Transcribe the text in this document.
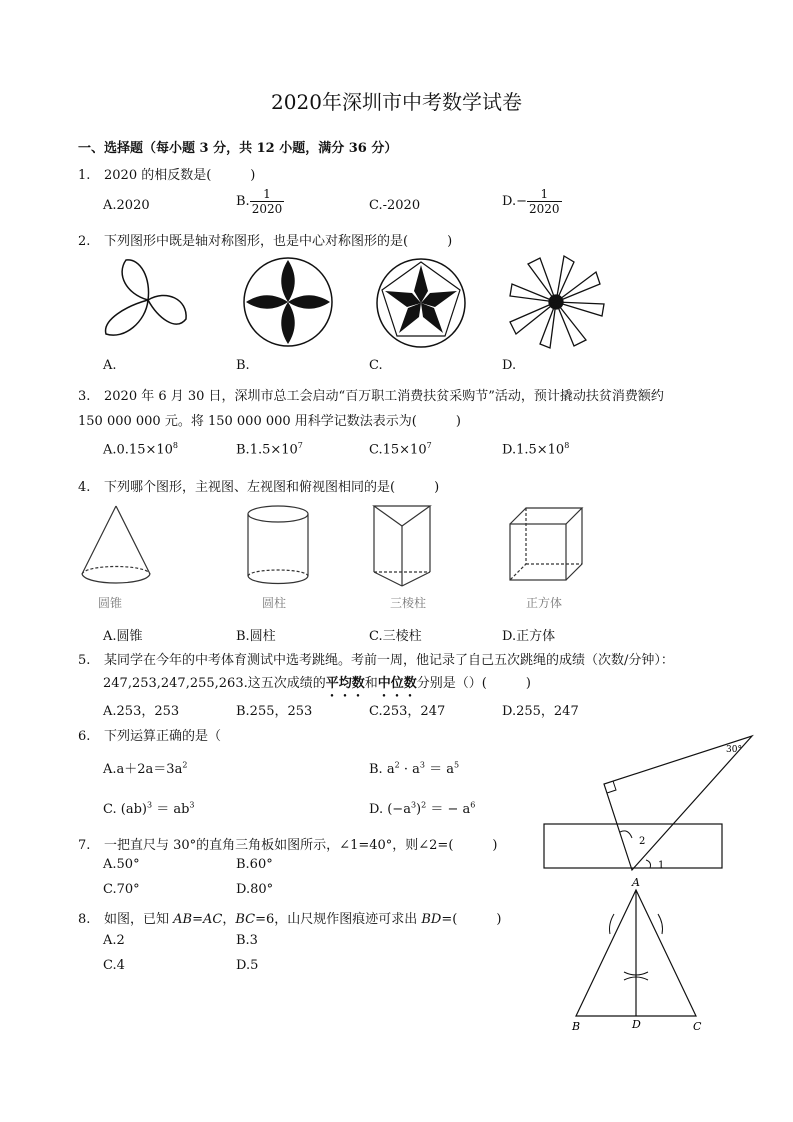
2020年深圳市中考数学试卷
一、选择题（每小题 3 分，共 12 小题，满分 36 分）
1. 2020 的相反数是(　　　)
A.2020	B. $\frac{1}{2020}$	C.-2020	$D.- \frac{1}{2020}$
2. 下列图形中既是轴对称图形，也是中心对称图形的是(　　　)
A.	B.	C.	D.
3. 2020 年 6 月 30 日，深圳市总工会启动“百万职工消费扶贫采购节”活动，预计撬动扶贫消费额约
150 000 000 元。将 150 000 000 用科学记数法表示为(　　　)
$A.0.15\times 10^8$	$B.1.5\times 10^7$	$C.15\times 10^7$	$D.1.5\times 10^8$
4. 下列哪个图形，主视图、左视图和俯视图相同的是(　　　)
圆锥	圆柱	三棱柱	正方体
A.圆锥	B.圆柱	C.三棱柱	D.正方体
5. 某同学在今年的中考体育测试中选考跳绳。考前一周，他记录了自己五次跳绳的成绩（次数/分钟）：
247,253,247,255,263.这五次成绩的平均数和中位数分别是（）(　　　)
A.253，253	B.255，253	C.253，247	D.255，247
6. 下列运算正确的是（
$A.a+2a=3a^2$	B. $a^2 \cdot a^3 = a^5$
C. $(ab)^3 = ab^3$	D. $(-a^3)^2$ ＝ − $a^6$
7. 一把直尺与 30°的直角三角板如图所示，∠1=40°，则∠2=(　　　)
A.50°	B.60°
C.70°	D.80°
30°
2
1
8. 如图，已知 AB=AC，BC=6，山尺规作图痕迹可求出 BD=(　　　)
A.2	B.3
C.4	D.5
A
B	D	C
